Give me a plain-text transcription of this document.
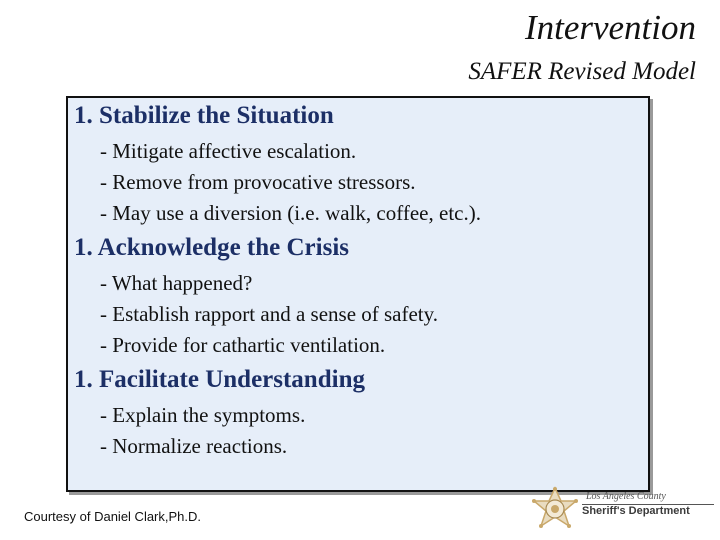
Intervention
SAFER Revised Model
1. Stabilize the Situation
- Mitigate affective escalation.
- Remove from provocative stressors.
- May use a diversion (i.e. walk, coffee, etc.).
1. Acknowledge the Crisis
- What happened?
- Establish rapport and a sense of safety.
- Provide for cathartic ventilation.
1. Facilitate Understanding
- Explain the symptoms.
- Normalize reactions.
Courtesy of Daniel Clark,Ph.D.
Los Angeles County
Sheriff's Department
